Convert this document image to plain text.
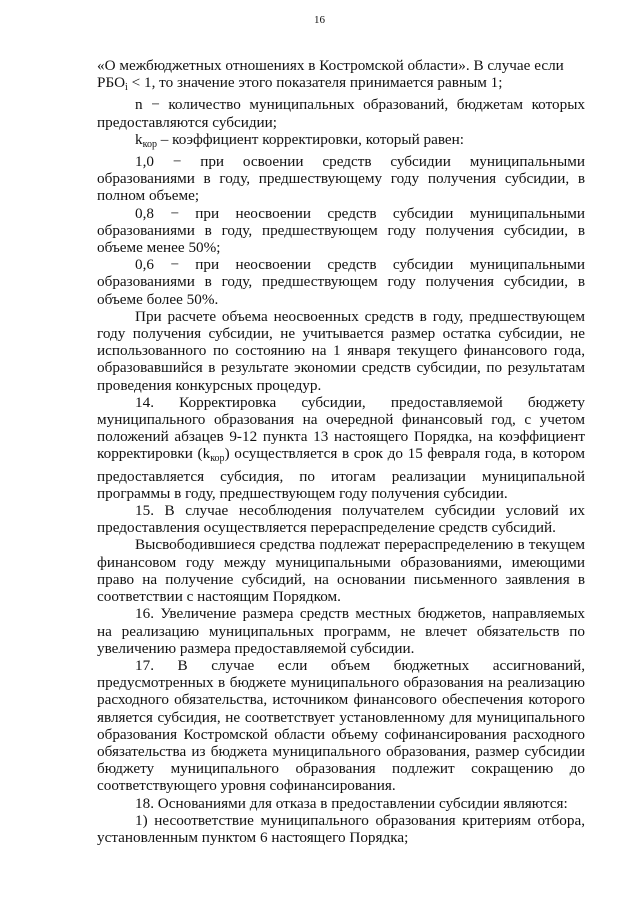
16

«О межбюджетных отношениях в Костромской области». В случае если
$РБО_i < 1$, то значение этого показателя принимается равным 1;

n − количество муниципальных образований, бюджетам которых предоставляются субсидии;

$k_{кор}$ – коэффициент корректировки, который равен:

1,0 − при освоении средств субсидии муниципальными образованиями в году, предшествующему году получения субсидии, в полном объеме;

0,8 − при неосвоении средств субсидии муниципальными образованиями в году, предшествующем году получения субсидии, в объеме менее 50%;

0,6 − при неосвоении средств субсидии муниципальными образованиями в году, предшествующем году получения субсидии, в объеме более 50%.

При расчете объема неосвоенных средств в году, предшествующем году получения субсидии, не учитывается размер остатка субсидии, не использованного по состоянию на 1 января текущего финансового года, образовавшийся в результате экономии средств субсидии, по результатам проведения конкурсных процедур.

14. Корректировка субсидии, предоставляемой бюджету муниципального образования на очередной финансовый год, с учетом положений абзацев 9-12 пункта 13 настоящего Порядка, на коэффициент корректировки $(k_{кор})$ осуществляется в срок до 15 февраля года, в котором предоставляется субсидия, по итогам реализации муниципальной программы в году, предшествующем году получения субсидии.

15. В случае несоблюдения получателем субсидии условий их предоставления осуществляется перераспределение средств субсидий.

Высвободившиеся средства подлежат перераспределению в текущем финансовом году между муниципальными образованиями, имеющими право на получение субсидий, на основании письменного заявления в соответствии с настоящим Порядком.

16. Увеличение размера средств местных бюджетов, направляемых на реализацию муниципальных программ, не влечет обязательств по увеличению размера предоставляемой субсидии.

17. В случае если объем бюджетных ассигнований, предусмотренных в бюджете муниципального образования на реализацию расходного обязательства, источником финансового обеспечения которого является субсидия, не соответствует установленному для муниципального образования Костромской области объему софинансирования расходного обязательства из бюджета муниципального образования, размер субсидии бюджету муниципального образования подлежит сокращению до соответствующего уровня софинансирования.

18. Основаниями для отказа в предоставлении субсидии являются:

1) несоответствие муниципального образования критериям отбора, установленным пунктом 6 настоящего Порядка;
